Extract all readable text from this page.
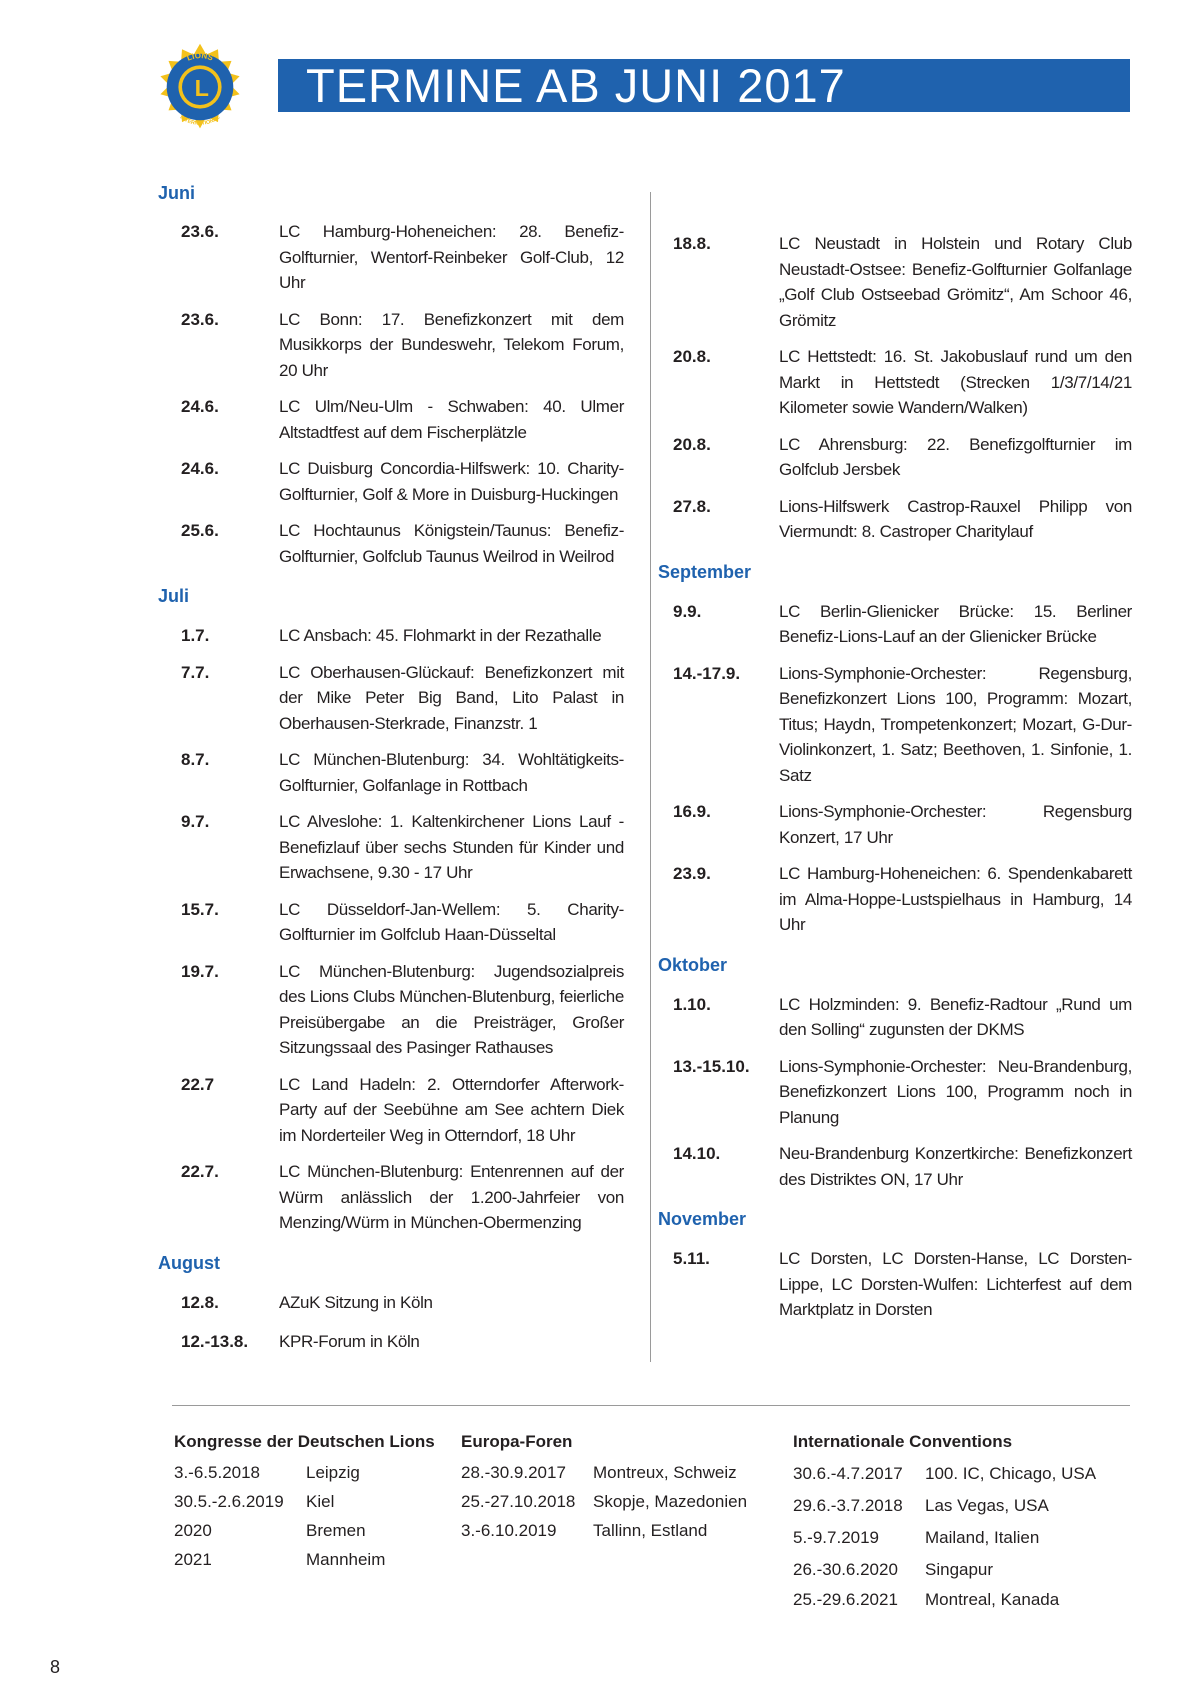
L
LIONS
INTERNATIONAL
TERMINE AB JUNI 2017
Juni
23.6.	LC Hamburg-Hoheneichen: 28. Benefiz-Golfturnier, Wentorf-Reinbeker Golf-Club, 12 Uhr
23.6.	LC Bonn: 17. Benefizkonzert mit dem Musikkorps der Bundeswehr, Telekom Forum, 20 Uhr
24.6.	LC Ulm/Neu-Ulm - Schwaben: 40. Ulmer Altstadtfest auf dem Fischerplätzle
24.6.	LC Duisburg Concordia-Hilfswerk: 10. Charity-Golfturnier, Golf & More in Duisburg-Huckingen
25.6.	LC Hochtaunus Königstein/Taunus: Benefiz-Golfturnier, Golfclub Taunus Weilrod in Weilrod
Juli
1.7.	LC Ansbach: 45. Flohmarkt in der Rezathalle
7.7.	LC Oberhausen-Glückauf: Benefizkonzert mit der Mike Peter Big Band, Lito Palast in Oberhausen-Sterkrade, Finanzstr. 1
8.7.	LC München-Blutenburg: 34. Wohltätigkeits-Golfturnier, Golfanlage in Rottbach
9.7.	LC Alveslohe: 1. Kaltenkirchener Lions Lauf - Benefizlauf über sechs Stunden für Kinder und Erwachsene, 9.30 - 17 Uhr
15.7.	LC Düsseldorf-Jan-Wellem: 5. Charity-Golfturnier im Golfclub Haan-Düsseltal
19.7.	LC München-Blutenburg: Jugendsozialpreis des Lions Clubs München-Blutenburg, feierliche Preisübergabe an die Preisträger, Großer Sitzungssaal des Pasinger Rathauses
22.7	LC Land Hadeln: 2. Otterndorfer Afterwork-Party auf der Seebühne am See achtern Diek im Norderteiler Weg in Otterndorf, 18 Uhr
22.7.	LC München-Blutenburg: Entenrennen auf der Würm anlässlich der 1.200-Jahrfeier von Menzing/Würm in München-Obermenzing
August
12.8.	AZuK Sitzung in Köln
12.-13.8.	KPR-Forum in Köln
18.8.	LC Neustadt in Holstein und Rotary Club Neustadt-Ostsee: Benefiz-Golfturnier Golfanlage „Golf Club Ostseebad Grömitz“, Am Schoor 46, Grömitz
20.8.	LC Hettstedt: 16. St. Jakobuslauf rund um den Markt in Hettstedt (Strecken 1/3/7/14/21 Kilometer sowie Wandern/Walken)
20.8.	LC Ahrensburg: 22. Benefizgolfturnier im Golfclub Jersbek
27.8.	Lions-Hilfswerk Castrop-Rauxel Philipp von Viermundt: 8. Castroper Charitylauf
September
9.9.	LC Berlin-Glienicker Brücke: 15. Berliner Benefiz-Lions-Lauf an der Glienicker Brücke
14.-17.9.	Lions-Symphonie-Orchester: Regensburg, Benefizkonzert Lions 100, Programm: Mozart, Titus; Haydn, Trompetenkonzert; Mozart, G-Dur-Violinkonzert, 1. Satz; Beethoven, 1. Sinfonie, 1. Satz
16.9.	Lions-Symphonie-Orchester: Regensburg Konzert, 17 Uhr
23.9.	LC Hamburg-Hoheneichen: 6. Spendenkabarett im Alma-Hoppe-Lustspielhaus in Hamburg, 14 Uhr
Oktober
1.10.	LC Holzminden: 9. Benefiz-Radtour „Rund um den Solling“ zugunsten der DKMS
13.-15.10.	Lions-Symphonie-Orchester: Neu-Brandenburg, Benefizkonzert Lions 100, Programm noch in Planung
14.10.	Neu-Brandenburg Konzertkirche: Benefizkonzert des Distriktes ON, 17 Uhr
November
5.11.	LC Dorsten, LC Dorsten-Hanse, LC Dorsten-Lippe, LC Dorsten-Wulfen: Lichterfest auf dem Marktplatz in Dorsten
Kongresse der Deutschen Lions
3.-6.5.2018	Leipzig
30.5.-2.6.2019	Kiel
2020	Bremen
2021	Mannheim
Europa-Foren
28.-30.9.2017	Montreux, Schweiz
25.-27.10.2018	Skopje, Mazedonien
3.-6.10.2019	Tallinn, Estland
Internationale Conventions
30.6.-4.7.2017	100. IC, Chicago, USA
29.6.-3.7.2018	Las Vegas, USA
5.-9.7.2019	Mailand, Italien
26.-30.6.2020	Singapur
25.-29.6.2021	Montreal, Kanada
8
